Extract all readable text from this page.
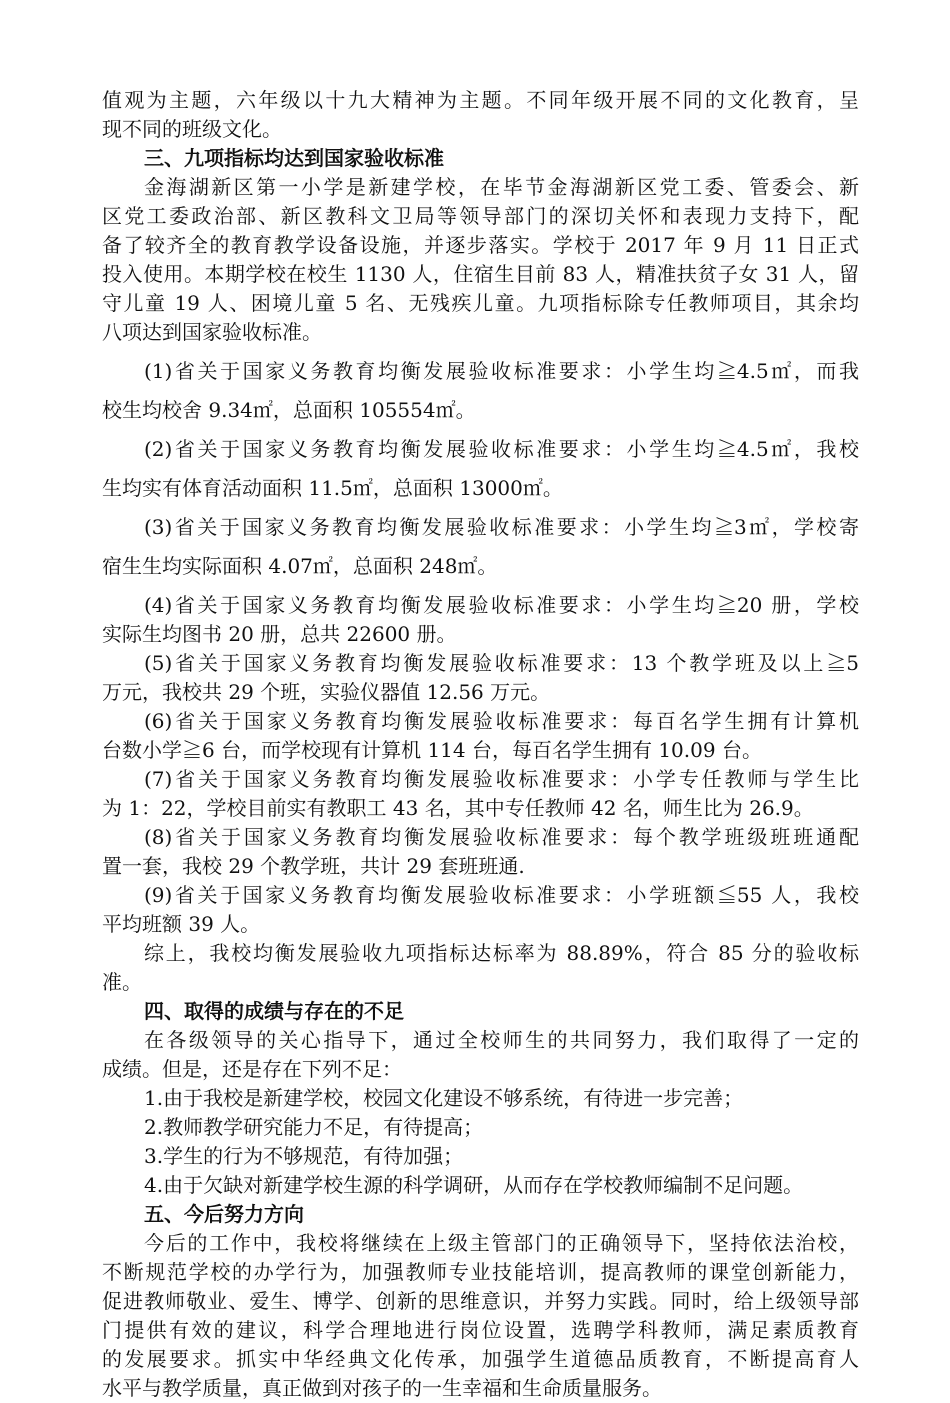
值观为主题，六年级以十九大精神为主题。不同年级开展不同的文化教育，呈
现不同的班级文化。
三、九项指标均达到国家验收标准
金海湖新区第一小学是新建学校，在毕节金海湖新区党工委、管委会、新
区党工委政治部、新区教科文卫局等领导部门的深切关怀和表现力支持下，配
备了较齐全的教育教学设备设施，并逐步落实。学校于 2017 年 9 月 11 日正式
投入使用。本期学校在校生 1130 人，住宿生目前 83 人，精准扶贫子女 31 人，留
守儿童 19 人、困境儿童 5 名、无残疾儿童。九项指标除专任教师项目，其余均
八项达到国家验收标准。
(1)省关于国家义务教育均衡发展验收标准要求：小学生均≧4.5㎡，而我
校生均校舍 9.34㎡，总面积 105554㎡。
(2)省关于国家义务教育均衡发展验收标准要求：小学生均≧4.5㎡，我校
生均实有体育活动面积 11.5㎡，总面积 13000㎡。
(3)省关于国家义务教育均衡发展验收标准要求：小学生均≧3㎡，学校寄
宿生生均实际面积 4.07㎡，总面积 248㎡。
(4)省关于国家义务教育均衡发展验收标准要求：小学生均≧20 册，学校
实际生均图书 20 册，总共 22600 册。
(5)省关于国家义务教育均衡发展验收标准要求：13 个教学班及以上≧5
万元，我校共 29 个班，实验仪器值 12.56 万元。
(6)省关于国家义务教育均衡发展验收标准要求：每百名学生拥有计算机
台数小学≧6 台，而学校现有计算机 114 台，每百名学生拥有 10.09 台。
(7)省关于国家义务教育均衡发展验收标准要求：小学专任教师与学生比
为 1：22，学校目前实有教职工 43 名，其中专任教师 42 名，师生比为 26.9。
(8)省关于国家义务教育均衡发展验收标准要求：每个教学班级班班通配
置一套，我校 29 个教学班，共计 29 套班班通.
(9)省关于国家义务教育均衡发展验收标准要求：小学班额≦55 人，我校
平均班额 39 人。
综上，我校均衡发展验收九项指标达标率为 88.89%，符合 85 分的验收标
准。
四、取得的成绩与存在的不足
在各级领导的关心指导下，通过全校师生的共同努力，我们取得了一定的
成绩。但是，还是存在下列不足：
1.由于我校是新建学校，校园文化建设不够系统，有待进一步完善；
2.教师教学研究能力不足，有待提高；
3.学生的行为不够规范，有待加强；
4.由于欠缺对新建学校生源的科学调研，从而存在学校教师编制不足问题。
五、今后努力方向
今后的工作中，我校将继续在上级主管部门的正确领导下，坚持依法治校，
不断规范学校的办学行为，加强教师专业技能培训，提高教师的课堂创新能力，
促进教师敬业、爱生、博学、创新的思维意识，并努力实践。同时，给上级领导部
门提供有效的建议，科学合理地进行岗位设置，选聘学科教师，满足素质教育
的发展要求。抓实中华经典文化传承，加强学生道德品质教育，不断提高育人
水平与教学质量，真正做到对孩子的一生幸福和生命质量服务。
